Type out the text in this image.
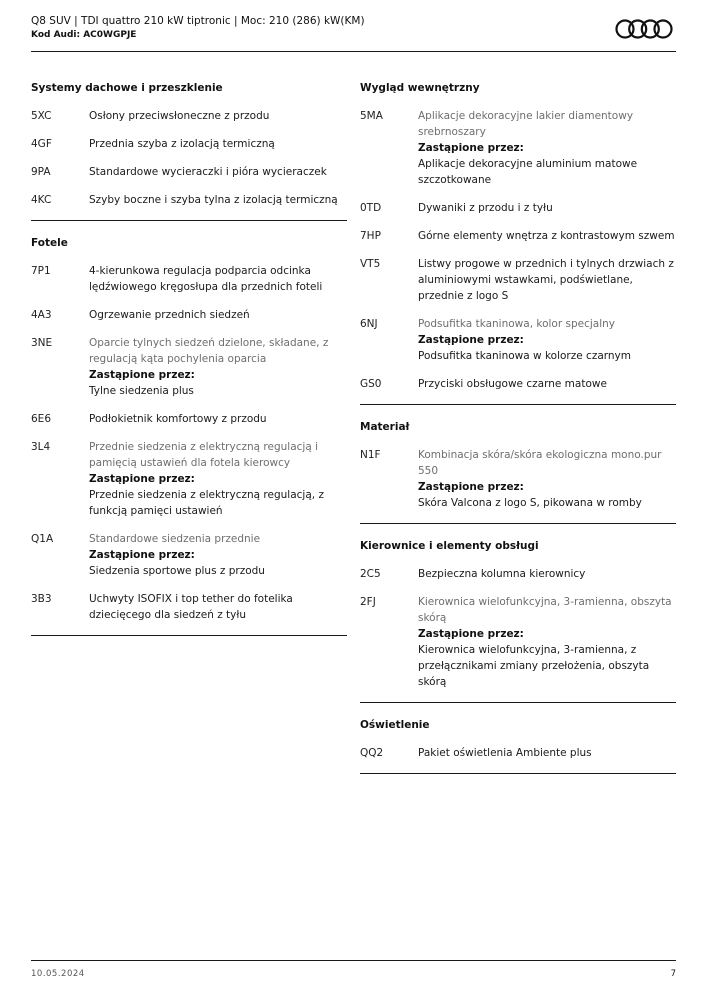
Q8 SUV | TDI quattro 210 kW tiptronic | Moc: 210 (286) kW(KM)
Kod Audi: AC0WGPJE
Systemy dachowe i przeszklenie
5XC	Osłony przeciwsłoneczne z przodu
4GF	Przednia szyba z izolacją termiczną
9PA	Standardowe wycieraczki i pióra wycieraczek
4KC	Szyby boczne i szyba tylna z izolacją termiczną
Fotele
7P1	4-kierunkowa regulacja podparcia odcinka lędźwiowego kręgosłupa dla przednich foteli
4A3	Ogrzewanie przednich siedzeń
3NE	Oparcie tylnych siedzeń dzielone, składane, z regulacją kąta pochylenia oparcia
Zastąpione przez:
Tylne siedzenia plus
6E6	Podłokietnik komfortowy z przodu
3L4	Przednie siedzenia z elektryczną regulacją i pamięcią ustawień dla fotela kierowcy
Zastąpione przez:
Przednie siedzenia z elektryczną regulacją, z funkcją pamięci ustawień
Q1A	Standardowe siedzenia przednie
Zastąpione przez:
Siedzenia sportowe plus z przodu
3B3	Uchwyty ISOFIX i top tether do fotelika dziecięcego dla siedzeń z tyłu
Wygląd wewnętrzny
5MA	Aplikacje dekoracyjne lakier diamentowy srebrnoszary
Zastąpione przez:
Aplikacje dekoracyjne aluminium matowe szczotkowane
0TD	Dywaniki z przodu i z tyłu
7HP	Górne elementy wnętrza z kontrastowym szwem
VT5	Listwy progowe w przednich i tylnych drzwiach z aluminiowymi wstawkami, podświetlane, przednie z logo S
6NJ	Podsufitka tkaninowa, kolor specjalny
Zastąpione przez:
Podsufitka tkaninowa w kolorze czarnym
GS0	Przyciski obsługowe czarne matowe
Materiał
N1F	Kombinacja skóra/skóra ekologiczna mono.pur 550
Zastąpione przez:
Skóra Valcona z logo S, pikowana w romby
Kierownice i elementy obsługi
2C5	Bezpieczna kolumna kierownicy
2FJ	Kierownica wielofunkcyjna, 3-ramienna, obszyta skórą
Zastąpione przez:
Kierownica wielofunkcyjna, 3-ramienna, z przełącznikami zmiany przełożenia, obszyta skórą
Oświetlenie
QQ2	Pakiet oświetlenia Ambiente plus
10.05.2024	7
